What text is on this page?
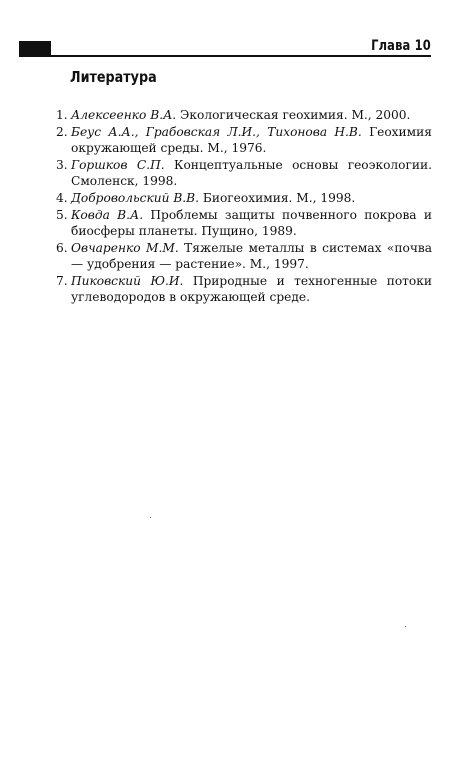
Глава 10
Литература
1. Алексеенко В.А. Экологическая геохимия. М., 2000.
2. Беус А.А., Грабовская Л.И., Тихонова Н.В. Геохимия окружающей среды. М., 1976.
3. Горшков С.П. Концептуальные основы геоэкологии. Смоленск, 1998.
4. Добровольский В.В. Биогеохимия. М., 1998.
5. Ковда В.А. Проблемы защиты почвенного покрова и биосферы планеты. Пущино, 1989.
6. Овчаренко М.М. Тяжелые металлы в системах «почва — удобрения — растение». М., 1997.
7. Пиковский Ю.И. Природные и техногенные потоки углеводородов в окружающей среде.
